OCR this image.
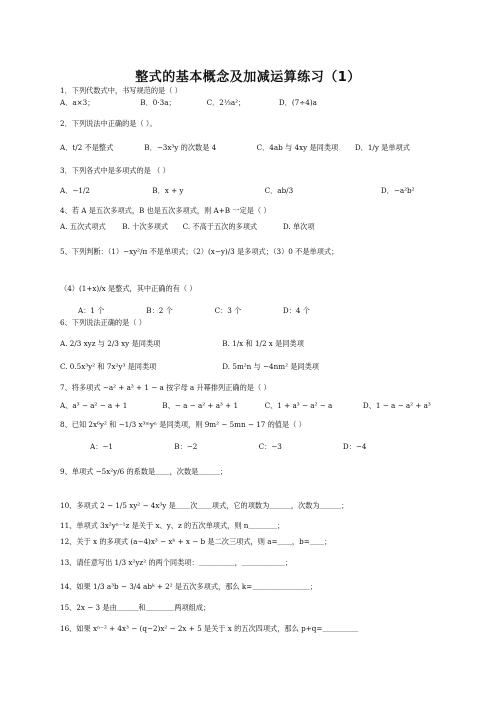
整式的基本概念及加减运算练习（1）
1．下列代数式中，书写规范的是（ ）
A．a×3；	B．0·3a；	C．2⅓a²；	D．(7÷4)a
2．下列说法中正确的是（ ）。
A．t/2 不是整式	B．−3x³y 的次数是 4	C．4ab 与 4xy 是同类项 D．1/y 是单项式
3．下列各式中是多项式的是 （ ）
A．−1/2	B．x + y	C．ab/3	D．−a²b²
4、若 A 是五次多项式，B 也是五次多项式，则 A+B 一定是（ ）
A. 五次式项式 B. 十次多项式 C. 不高于五次的多项式	D. 单次项
5、下列判断：（1）−xy²/π 不是单项式；（2）(x−y)/3 是多项式；（3）0 不是单项式；
（4）(1+x)/x 是整式，其中正确的有（ ）
A：1 个	B：2 个	C：3 个	D：4 个
6、下列说法正确的是（ ）
A. 2/3 xyz 与 2/3 xy 是同类项	B. 1/x 和 1/2 x 是同类项
C. 0.5x³y² 和 7x²y³ 是同类项	D. 5m²n 与 −4nm² 是同类项
7、将多项式 −a² + a³ + 1 − a 按字母 a 升幂排列正确的是（ ）
A、a³ − a² − a + 1	B、− a − a² + a³ + 1	C、1 + a³ − a² − a	D、1 − a − a² + a³
8、已知 2x⁶y² 和 −1/3 x³ᵐyⁿ 是同类项，则 9m² − 5mn − 17 的值是（ ）
A：−1	B：−2	C：−3	D：−4
9、单项式 −5x²y/6 的系数是＿＿，次数是＿＿＿；
10、多项式 2 − 1/5 xy² − 4x³y 是＿＿次＿＿项式，它的项数为＿＿＿，次数为＿＿＿；
11、单项式 3x²yⁿ⁻¹z 是关于 x、y、z 的五次单项式，则 n＿＿＿＿；
12、关于 x 的多项式 (a−4)x³ − xᵇ + x − b 是二次三项式，则 a=＿＿，b=＿＿；
13、请任意写出 1/3 x²yz² 的两个同类项：＿＿＿＿＿，＿＿＿＿＿＿；
14、如果 1/3 a³b − 3/4 abᵏ + 2² 是五次多项式，那么 k=＿＿＿＿＿＿＿＿；
15、2x − 3 是由＿＿＿和＿＿＿＿两项组成；
16、如果 xⁿ⁻² + 4x³ − (q−2)x² − 2x + 5 是关于 x 的五次四项式，那么 p+q=＿＿＿＿＿
